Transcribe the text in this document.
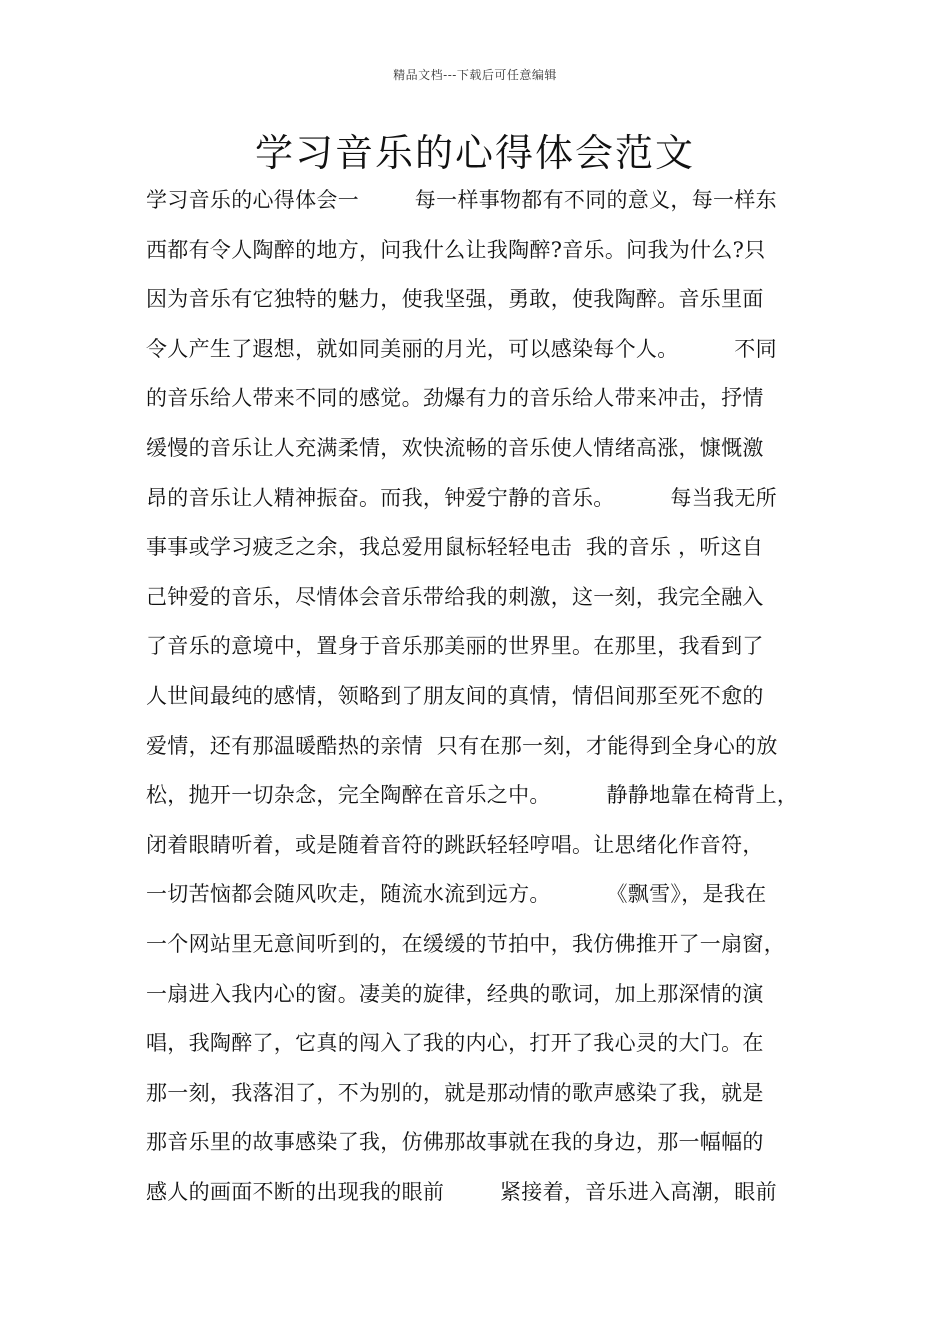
精品文档---下载后可任意编辑
学习音乐的心得体会范文
学习音乐的心得体会一        每一样事物都有不同的意义，每一样东
西都有令人陶醉的地方，问我什么让我陶醉?音乐。问我为什么?只
因为音乐有它独特的魅力，使我坚强，勇敢，使我陶醉。音乐里面
令人产生了遐想，就如同美丽的月光，可以感染每个人。        不同
的音乐给人带来不同的感觉。劲爆有力的音乐给人带来冲击，抒情
缓慢的音乐让人充满柔情，欢快流畅的音乐使人情绪高涨，慷慨激
昂的音乐让人精神振奋。而我，钟爱宁静的音乐。        每当我无所
事事或学习疲乏之余，我总爱用鼠标轻轻电击  我的音乐 ，听这自
己钟爱的音乐，尽情体会音乐带给我的刺激，这一刻，我完全融入
了音乐的意境中，置身于音乐那美丽的世界里。在那里，我看到了
人世间最纯的感情，领略到了朋友间的真情，情侣间那至死不愈的
爱情，还有那温暖酷热的亲情  只有在那一刻，才能得到全身心的放
松，抛开一切杂念，完全陶醉在音乐之中。        静静地靠在椅背上，
闭着眼睛听着，或是随着音符的跳跃轻轻哼唱。让思绪化作音符，
一切苦恼都会随风吹走，随流水流到远方。        《飘雪》，是我在
一个网站里无意间听到的，在缓缓的节拍中，我仿佛推开了一扇窗，
一扇进入我内心的窗。凄美的旋律，经典的歌词，加上那深情的演
唱，我陶醉了，它真的闯入了我的内心，打开了我心灵的大门。在
那一刻，我落泪了，不为别的，就是那动情的歌声感染了我，就是
那音乐里的故事感染了我，仿佛那故事就在我的身边，那一幅幅的
感人的画面不断的出现我的眼前        紧接着，音乐进入高潮，眼前
